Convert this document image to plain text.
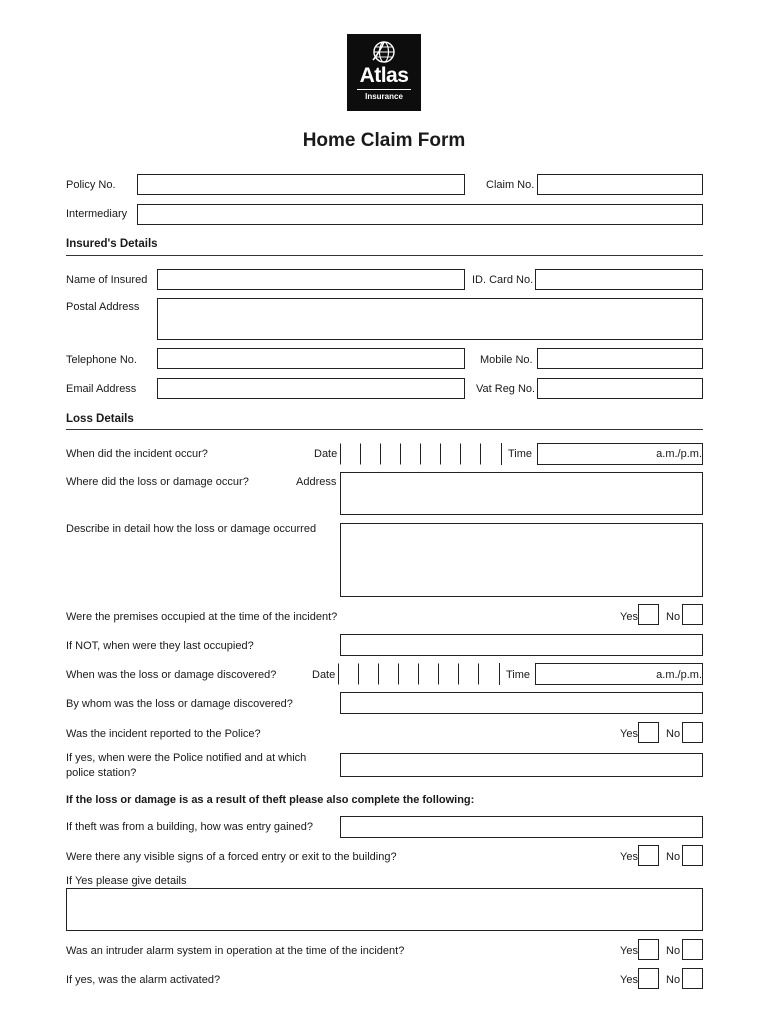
Atlas
Insurance
Home Claim Form
Policy No.	Claim No.
Intermediary
Insured's Details
Name of Insured	ID. Card No.
Postal Address
Telephone No.	Mobile No.
Email Address	Vat Reg No.
Loss Details
When did the incident occur?	Date	Time	a.m./p.m.
Where did the loss or damage occur?	Address
Describe in detail how the loss or damage occurred
Were the premises occupied at the time of the incident?	Yes	No
If NOT, when were they last occupied?
When was the loss or damage discovered?	Date	Time	a.m./p.m.
By whom was the loss or damage discovered?
Was the incident reported to the Police?	Yes	No
If yes, when were the Police notified and at which
police station?
If the loss or damage is as a result of theft please also complete the following:
If theft was from a building, how was entry gained?
Were there any visible signs of a forced entry or exit to the building?	Yes	No
If Yes please give details
Was an intruder alarm system in operation at the time of the incident?	Yes	No
If yes, was the alarm activated?	Yes	No
